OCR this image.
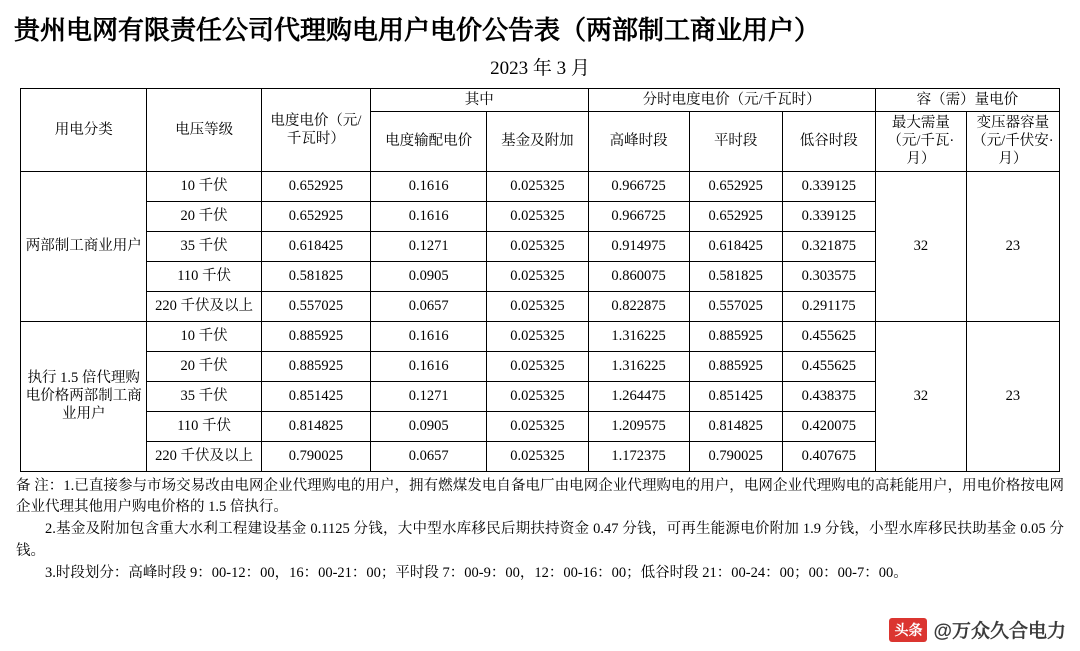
贵州电网有限责任公司代理购电用户电价公告表（两部制工商业用户）
2023 年 3 月
用电分类	电压等级	电度电价（元/千瓦时）	其中		分时电度电价（元/千瓦时）			容（需）量电价	
			电度输配电价	基金及附加	高峰时段	平时段	低谷时段	最大需量（元/千瓦·月）	变压器容量（元/千伏安·月）
两部制工商业用户	10 千伏	0.652925	0.1616	0.025325	0.966725	0.652925	0.339125	32	23
	20 千伏	0.652925	0.1616	0.025325	0.966725	0.652925	0.339125		
	35 千伏	0.618425	0.1271	0.025325	0.914975	0.618425	0.321875		
	110 千伏	0.581825	0.0905	0.025325	0.860075	0.581825	0.303575		
	220 千伏及以上	0.557025	0.0657	0.025325	0.822875	0.557025	0.291175		
执行 1.5 倍代理购电价格两部制工商业用户	10 千伏	0.885925	0.1616	0.025325	1.316225	0.885925	0.455625	32	23
	20 千伏	0.885925	0.1616	0.025325	1.316225	0.885925	0.455625		
	35 千伏	0.851425	0.1271	0.025325	1.264475	0.851425	0.438375		
	110 千伏	0.814825	0.0905	0.025325	1.209575	0.814825	0.420075		
	220 千伏及以上	0.790025	0.0657	0.025325	1.172375	0.790025	0.407675		

备 注：1.已直接参与市场交易改由电网企业代理购电的用户，拥有燃煤发电自备电厂由电网企业代理购电的用户，电网企业代理购电的高耗能用户，用电价格按电网企业代理其他用户购电价格的 1.5 倍执行。

2.基金及附加包含重大水利工程建设基金 0.1125 分钱，大中型水库移民后期扶持资金 0.47 分钱，可再生能源电价附加 1.9 分钱，小型水库移民扶助基金 0.05 分钱。

3.时段划分：高峰时段 9：00-12：00，16：00-21：00；平时段 7：00-9：00，12：00-16：00；低谷时段 21：00-24：00；00：00-7：00。

头条 @万众久合电力
